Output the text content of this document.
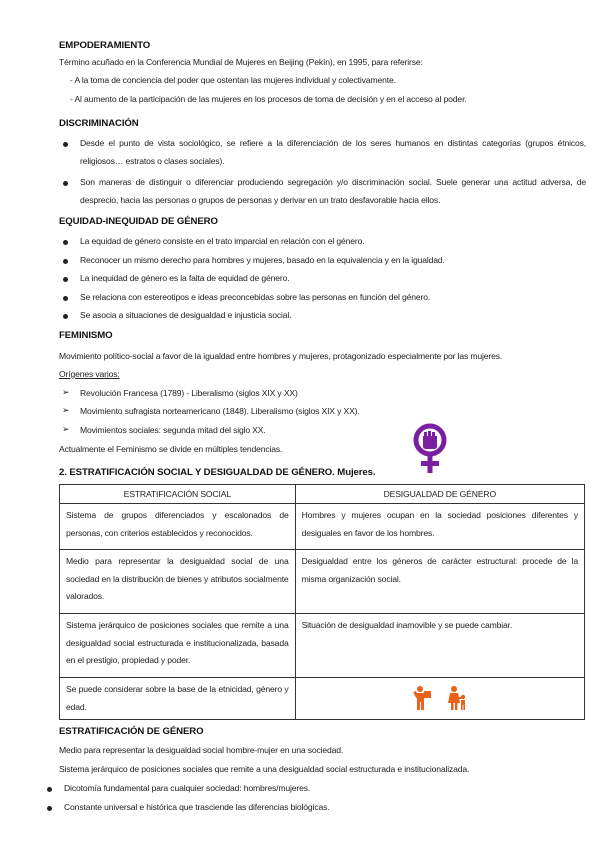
EMPODERAMIENTO
Término acuñado en la Conferencia Mundial de Mujeres en Beijing (Pekín), en 1995, para referirse:
- A la toma de conciencia del poder que ostentan las mujeres individual y colectivamente.
- Al aumento de la participación de las mujeres en los procesos de toma de decisión y en el acceso al poder.
DISCRIMINACIÓN
Desde el punto de vista sociológico, se refiere a la diferenciación de los seres humanos en distintas categorías (grupos étnicos,
religiosos… estratos o clases sociales).
Son maneras de distinguir o diferenciar produciendo segregación y/o discriminación social. Suele generar una actitud adversa, de
desprecio, hacia las personas o grupos de personas y derivar en un trato desfavorable hacia ellos.
EQUIDAD-INEQUIDAD DE GÉNERO
La equidad de género consiste en el trato imparcial en relación con el género.
Reconocer un mismo derecho para hombres y mujeres, basado en la equivalencia y en la igualdad.
La inequidad de género es la falta de equidad de género.
Se relaciona con estereotipos e ideas preconcebidas sobre las personas en función del género.
Se asocia a situaciones de desigualdad e injusticia social.
FEMINISMO
Movimiento político-social a favor de la igualdad entre hombres y mujeres, protagonizado especialmente por las mujeres.
Orígenes varios:
➢ Revolución Francesa (1789) - Liberalismo (siglos XIX y XX)
➢ Movimiento sufragista norteamericano (1848). Liberalismo (siglos XIX y XX).
➢ Movimientos sociales: segunda mitad del siglo XX.
Actualmente el Feminismo se divide en múltiples tendencias.
2. ESTRATIFICACIÓN SOCIAL Y DESIGUALDAD DE GÉNERO. Mujeres.
ESTRATIFICACIÓN SOCIAL	DESIGUALDAD DE GÉNERO

Sistema de grupos diferenciados y escalonados de personas, con criterios establecidos y reconocidos.	Hombres y mujeres ocupan en la sociedad posiciones diferentes y desiguales en favor de los hombres.

Medio para representar la desigualdad social de una sociedad en la distribución de bienes y atributos socialmente valorados.	Desigualdad entre los géneros de carácter estructural: procede de la misma organización social.

Sistema jerárquico de posiciones sociales que remite a una desigualdad social estructurada e institucionalizada, basada en el prestigio, propiedad y poder.	Situación de desigualdad inamovible y se puede cambiar.

Se puede considerar sobre la base de la etnicidad, género y edad.

ESTRATIFICACIÓN DE GÉNERO
Medio para representar la desigualdad social hombre-mujer en una sociedad.
Sistema jerárquico de posiciones sociales que remite a una desigualdad social estructurada e institucionalizada.
Dicotomía fundamental para cualquier sociedad: hombres/mujeres.
Constante universal e histórica que trasciende las diferencias biológicas.
